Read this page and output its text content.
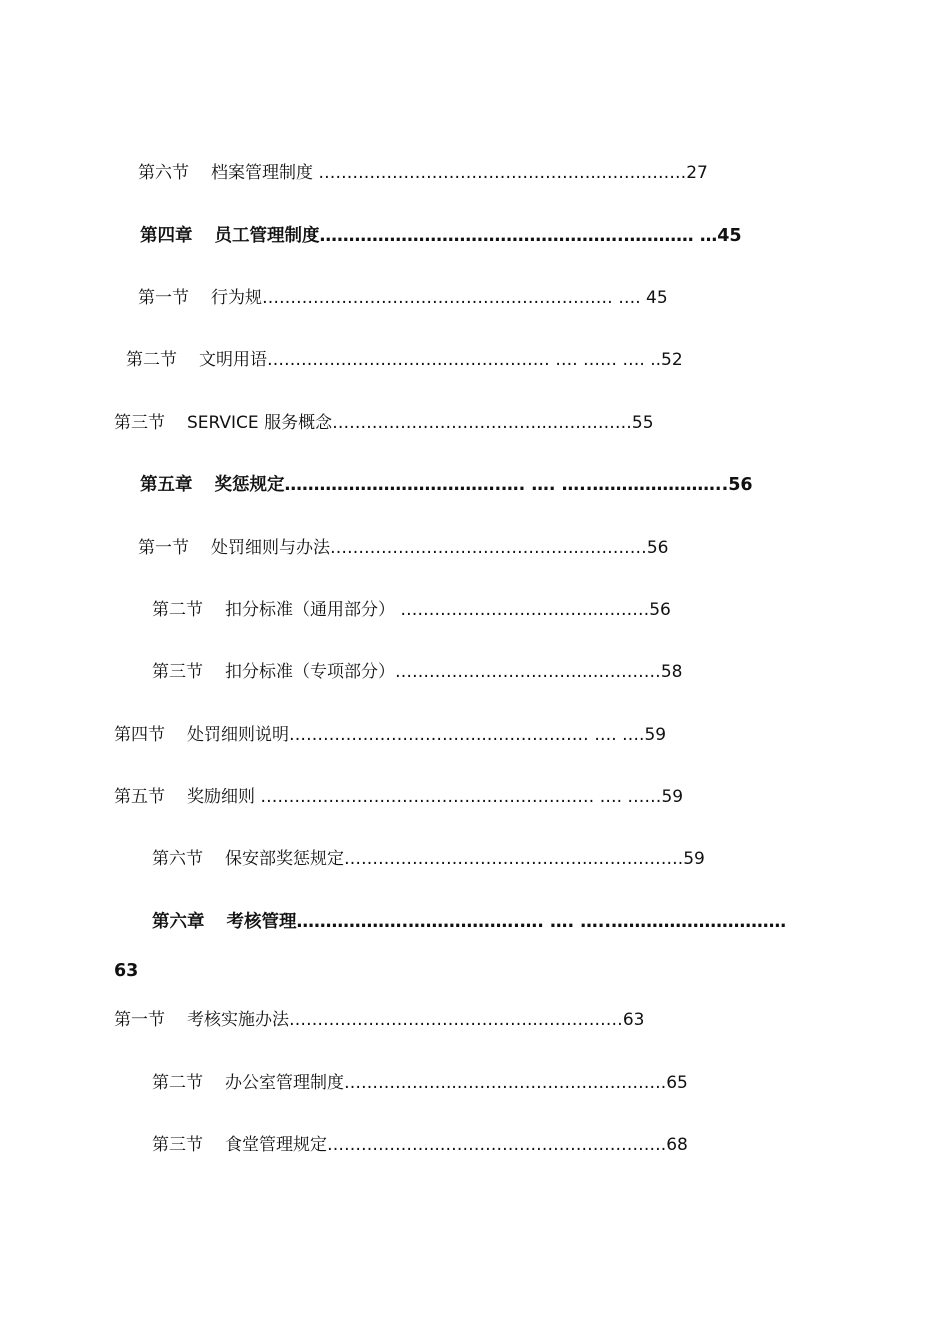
第六节 档案管理制度 …………………………………………..……………27
第四章 员工管理制度…………………………………………….………… …45
第一节 行为规……………………………………..……………… …. 45
第二节 文明用语…………………………..……………… …. …… …. ..52
第三节 SERVICE 服务概念………………………………..……………55
第五章 奖惩规定……………………………….…. …. …..…………………..56
第一节 处罚细则与办法……………………………………..…………56
第二节 扣分标准（通用部分） ……………………………..………56
第三节 扣分标准（专项部分）……………………………..…………58
第四节 处罚细则说明……………………………..……………… …. ….59
第五节 奖励细则 …………………………………..……………… …. ……59
第六节 保安部奖惩规定……………………………………..…………….59
第六章 考核管理……………….……………….…. …. …..…………………………
63
第一节 考核实施办法……………………………………..……………63
第二节 办公室管理制度………………..……………………………….65
第三节 食堂管理规定………………..………………………………….68
